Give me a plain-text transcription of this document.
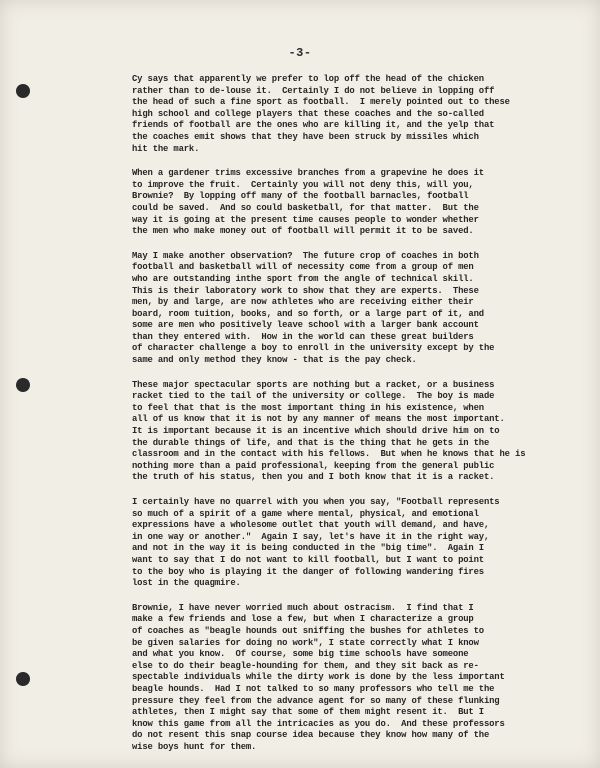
-3-
Cy says that apparently we prefer to lop off the head of the chicken
rather than to de-louse it.  Certainly I do not believe in lopping off
the head of such a fine sport as football.  I merely pointed out to these
high school and college players that these coaches and the so-called
friends of football are the ones who are killing it, and the yelp that
the coaches emit shows that they have been struck by missiles which
hit the mark.
When a gardener trims excessive branches from a grapevine he does it
to improve the fruit.  Certainly you will not deny this, will you,
Brownie?  By lopping off many of the football barnacles, football
could be saved.  And so could basketball, for that matter.  But the
way it is going at the present time causes people to wonder whether
the men who make money out of football will permit it to be saved.
May I make another observation?  The future crop of coaches in both
football and basketball will of necessity come from a group of men
who are outstanding inthe sport from the angle of technical skill.
This is their laboratory work to show that they are experts.  These
men, by and large, are now athletes who are receiving either their
board, room tuition, books, and so forth, or a large part of it, and
some are men who positively leave school with a larger bank account
than they entered with.  How in the world can these great builders
of character challenge a boy to enroll in the university except by the
same and only method they know - that is the pay check.
These major spectacular sports are nothing but a racket, or a business
racket tied to the tail of the university or college.  The boy is made
to feel that that is the most important thing in his existence, when
all of us know that it is not by any manner of means the most important.
It is important because it is an incentive which should drive him on to
the durable things of life, and that is the thing that he gets in the
classroom and in the contact with his fellows.  But when he knows that he is
nothing more than a paid professional, keeping from the general public
the truth of his status, then you and I both know that it is a racket.
I certainly have no quarrel with you when you say, "Football represents
so much of a spirit of a game where mental, physical, and emotional
expressions have a wholesome outlet that youth will demand, and have,
in one way or another."  Again I say, let's have it in the right way,
and not in the way it is being conducted in the "big time".  Again I
want to say that I do not want to kill football, but I want to point
to the boy who is playing it the danger of following wandering fires
lost in the quagmire.
Brownie, I have never worried much about ostracism.  I find that I
make a few friends and lose a few, but when I characterize a group
of coaches as "beagle hounds out sniffing the bushes for athletes to
be given salaries for doing no work", I state correctly what I know
and what you know.  Of course, some big time schools have someone
else to do their beagle-hounding for them, and they sit back as re-
spectable individuals while the dirty work is done by the less important
beagle hounds.  Had I not talked to so many professors who tell me the
pressure they feel from the advance agent for so many of these flunking
athletes, then I might say that some of them might resent it.  But I
know this game from all the intricacies as you do.  And these professors
do not resent this snap course idea because they know how many of the
wise boys hunt for them.
